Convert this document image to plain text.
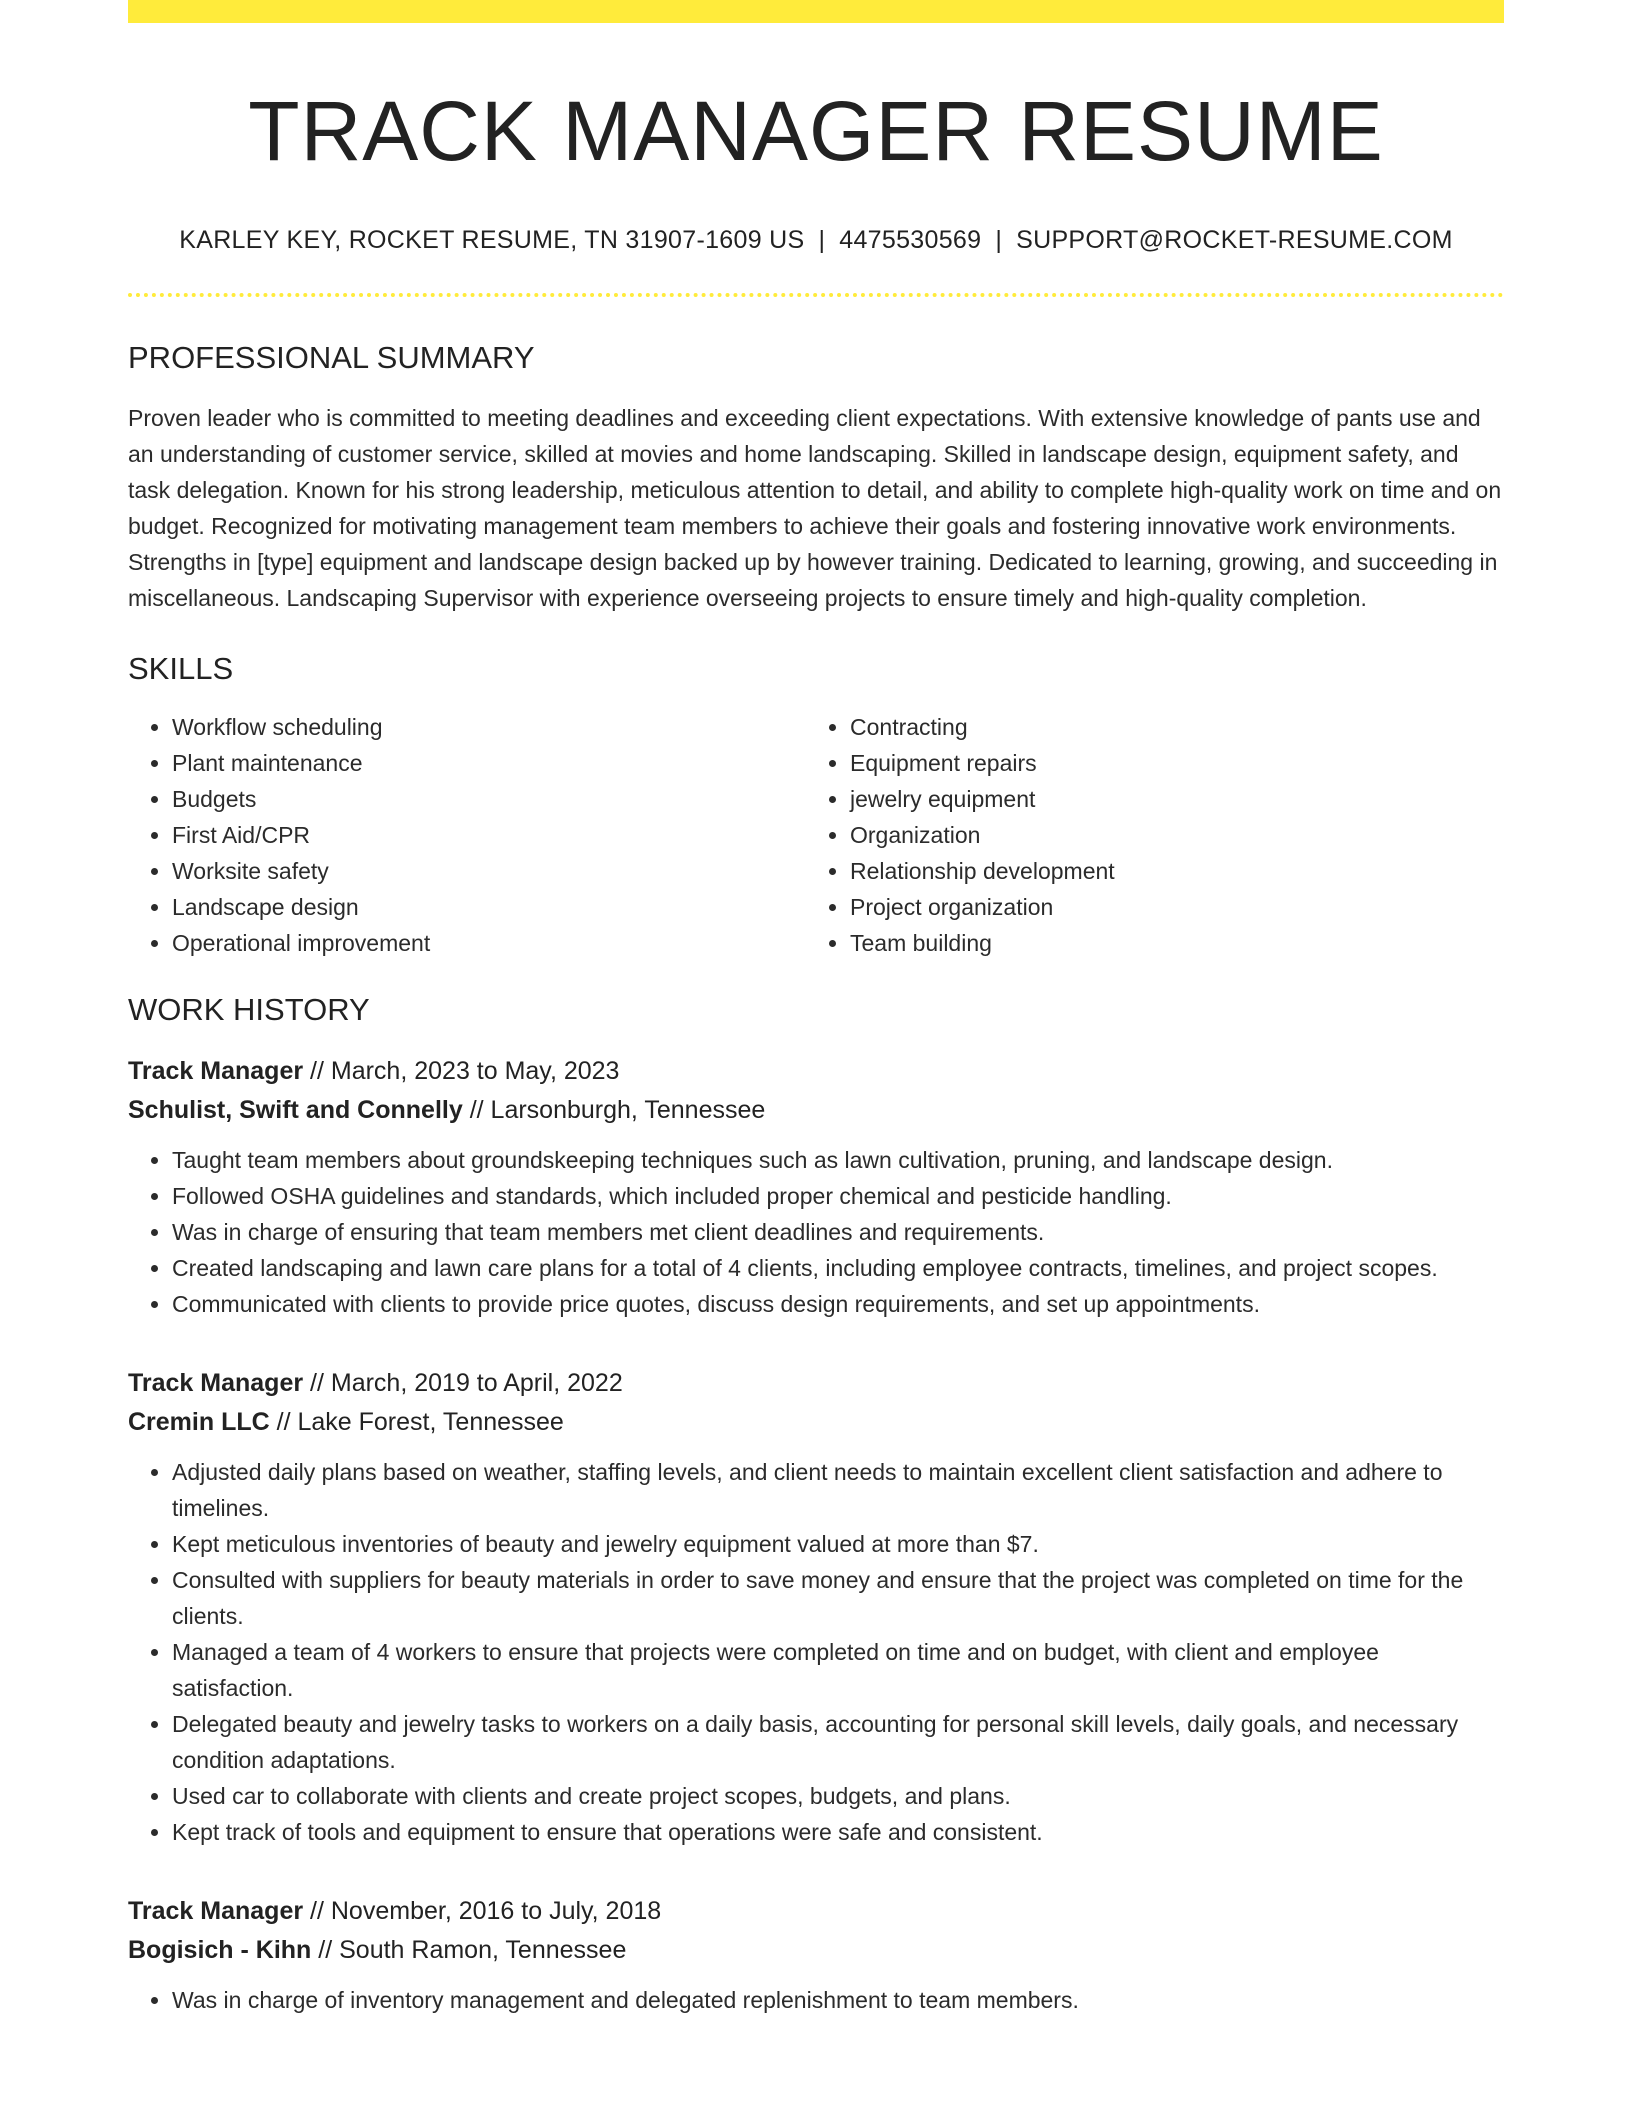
TRACK MANAGER RESUME
KARLEY KEY, ROCKET RESUME, TN 31907-1609 US | 4475530569 | SUPPORT@ROCKET-RESUME.COM
PROFESSIONAL SUMMARY

Proven leader who is committed to meeting deadlines and exceeding client expectations. With extensive knowledge of pants use and an understanding of customer service, skilled at movies and home landscaping. Skilled in landscape design, equipment safety, and task delegation. Known for his strong leadership, meticulous attention to detail, and ability to complete high-quality work on time and on budget. Recognized for motivating management team members to achieve their goals and fostering innovative work environments. Strengths in [type] equipment and landscape design backed up by however training. Dedicated to learning, growing, and succeeding in miscellaneous. Landscaping Supervisor with experience overseeing projects to ensure timely and high-quality completion.

SKILLS
• Workflow scheduling
• Plant maintenance
• Budgets
• First Aid/CPR
• Worksite safety
• Landscape design
• Operational improvement
• Contracting
• Equipment repairs
• jewelry equipment
• Organization
• Relationship development
• Project organization
• Team building
WORK HISTORY
Track Manager // March, 2023 to May, 2023
Schulist, Swift and Connelly // Larsonburgh, Tennessee
• Taught team members about groundskeeping techniques such as lawn cultivation, pruning, and landscape design.
• Followed OSHA guidelines and standards, which included proper chemical and pesticide handling.
• Was in charge of ensuring that team members met client deadlines and requirements.
• Created landscaping and lawn care plans for a total of 4 clients, including employee contracts, timelines, and project scopes.
• Communicated with clients to provide price quotes, discuss design requirements, and set up appointments.
Track Manager // March, 2019 to April, 2022
Cremin LLC // Lake Forest, Tennessee
• Adjusted daily plans based on weather, staffing levels, and client needs to maintain excellent client satisfaction and adhere to timelines.
• Kept meticulous inventories of beauty and jewelry equipment valued at more than $7.
• Consulted with suppliers for beauty materials in order to save money and ensure that the project was completed on time for the clients.
• Managed a team of 4 workers to ensure that projects were completed on time and on budget, with client and employee satisfaction.
• Delegated beauty and jewelry tasks to workers on a daily basis, accounting for personal skill levels, daily goals, and necessary condition adaptations.
• Used car to collaborate with clients and create project scopes, budgets, and plans.
• Kept track of tools and equipment to ensure that operations were safe and consistent.
Track Manager // November, 2016 to July, 2018
Bogisich - Kihn // South Ramon, Tennessee
• Was in charge of inventory management and delegated replenishment to team members.
